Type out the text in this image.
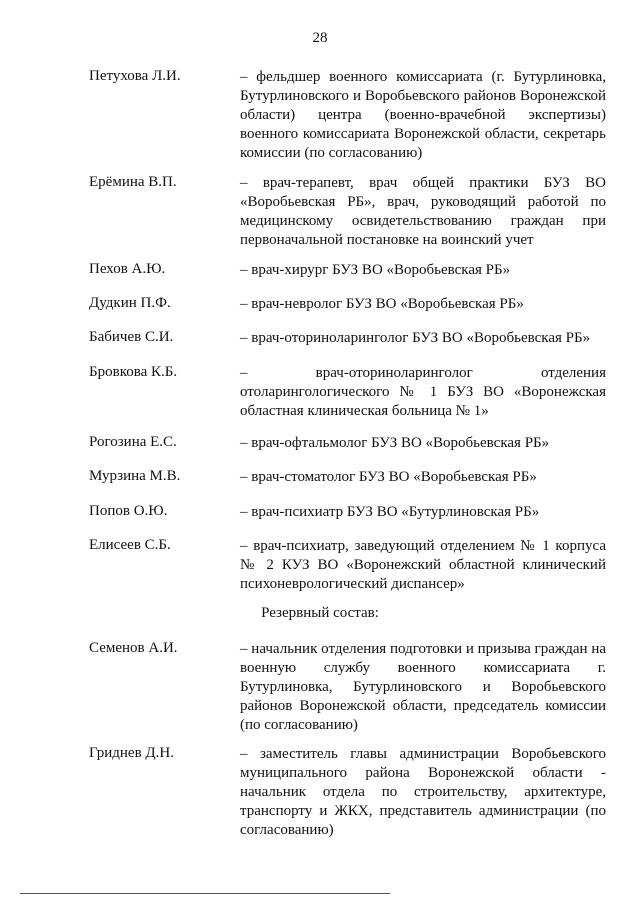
28
Петухова Л.И.	– фельдшер военного комиссариата (г. Бутурлиновка, Бутурлиновского и Воробьевского районов Воронежской области) центра (военно-врачебной экспертизы) военного комиссариата Воронежской области, секретарь комиссии (по согласованию)
Ерёмина В.П.	– врач-терапевт, врач общей практики БУЗ ВО «Воробьевская РБ», врач, руководящий работой по медицинскому освидетельствованию граждан при первоначальной постановке на воинский учет
Пехов А.Ю.	– врач-хирург БУЗ ВО «Воробьевская РБ»
Дудкин П.Ф.	– врач-невролог БУЗ ВО «Воробьевская РБ»
Бабичев С.И.	– врач-оториноларинголог БУЗ ВО «Воробьевская РБ»
Бровкова К.Б.	– врач-оториноларинголог отделения отоларингологического № 1 БУЗ ВО «Воронежская областная клиническая больница № 1»
Рогозина Е.С.	– врач-офтальмолог БУЗ ВО «Воробьевская РБ»
Мурзина М.В.	– врач-стоматолог БУЗ ВО «Воробьевская РБ»
Попов О.Ю.	– врач-психиатр БУЗ ВО «Бутурлиновская РБ»
Елисеев С.Б.	– врач-психиатр, заведующий отделением № 1 корпуса № 2 КУЗ ВО «Воронежский областной клинический психоневрологический диспансер»
Резервный состав:
Семенов А.И.	– начальник отделения подготовки и призыва граждан на военную службу военного комиссариата г. Бутурлиновка, Бутурлиновского и Воробьевского районов Воронежской области, председатель комиссии (по согласованию)
Гриднев Д.Н.	– заместитель главы администрации Воробьевского муниципального района Воронежской области - начальник отдела по строительству, архитектуре, транспорту и ЖКХ, представитель администрации (по согласованию)
